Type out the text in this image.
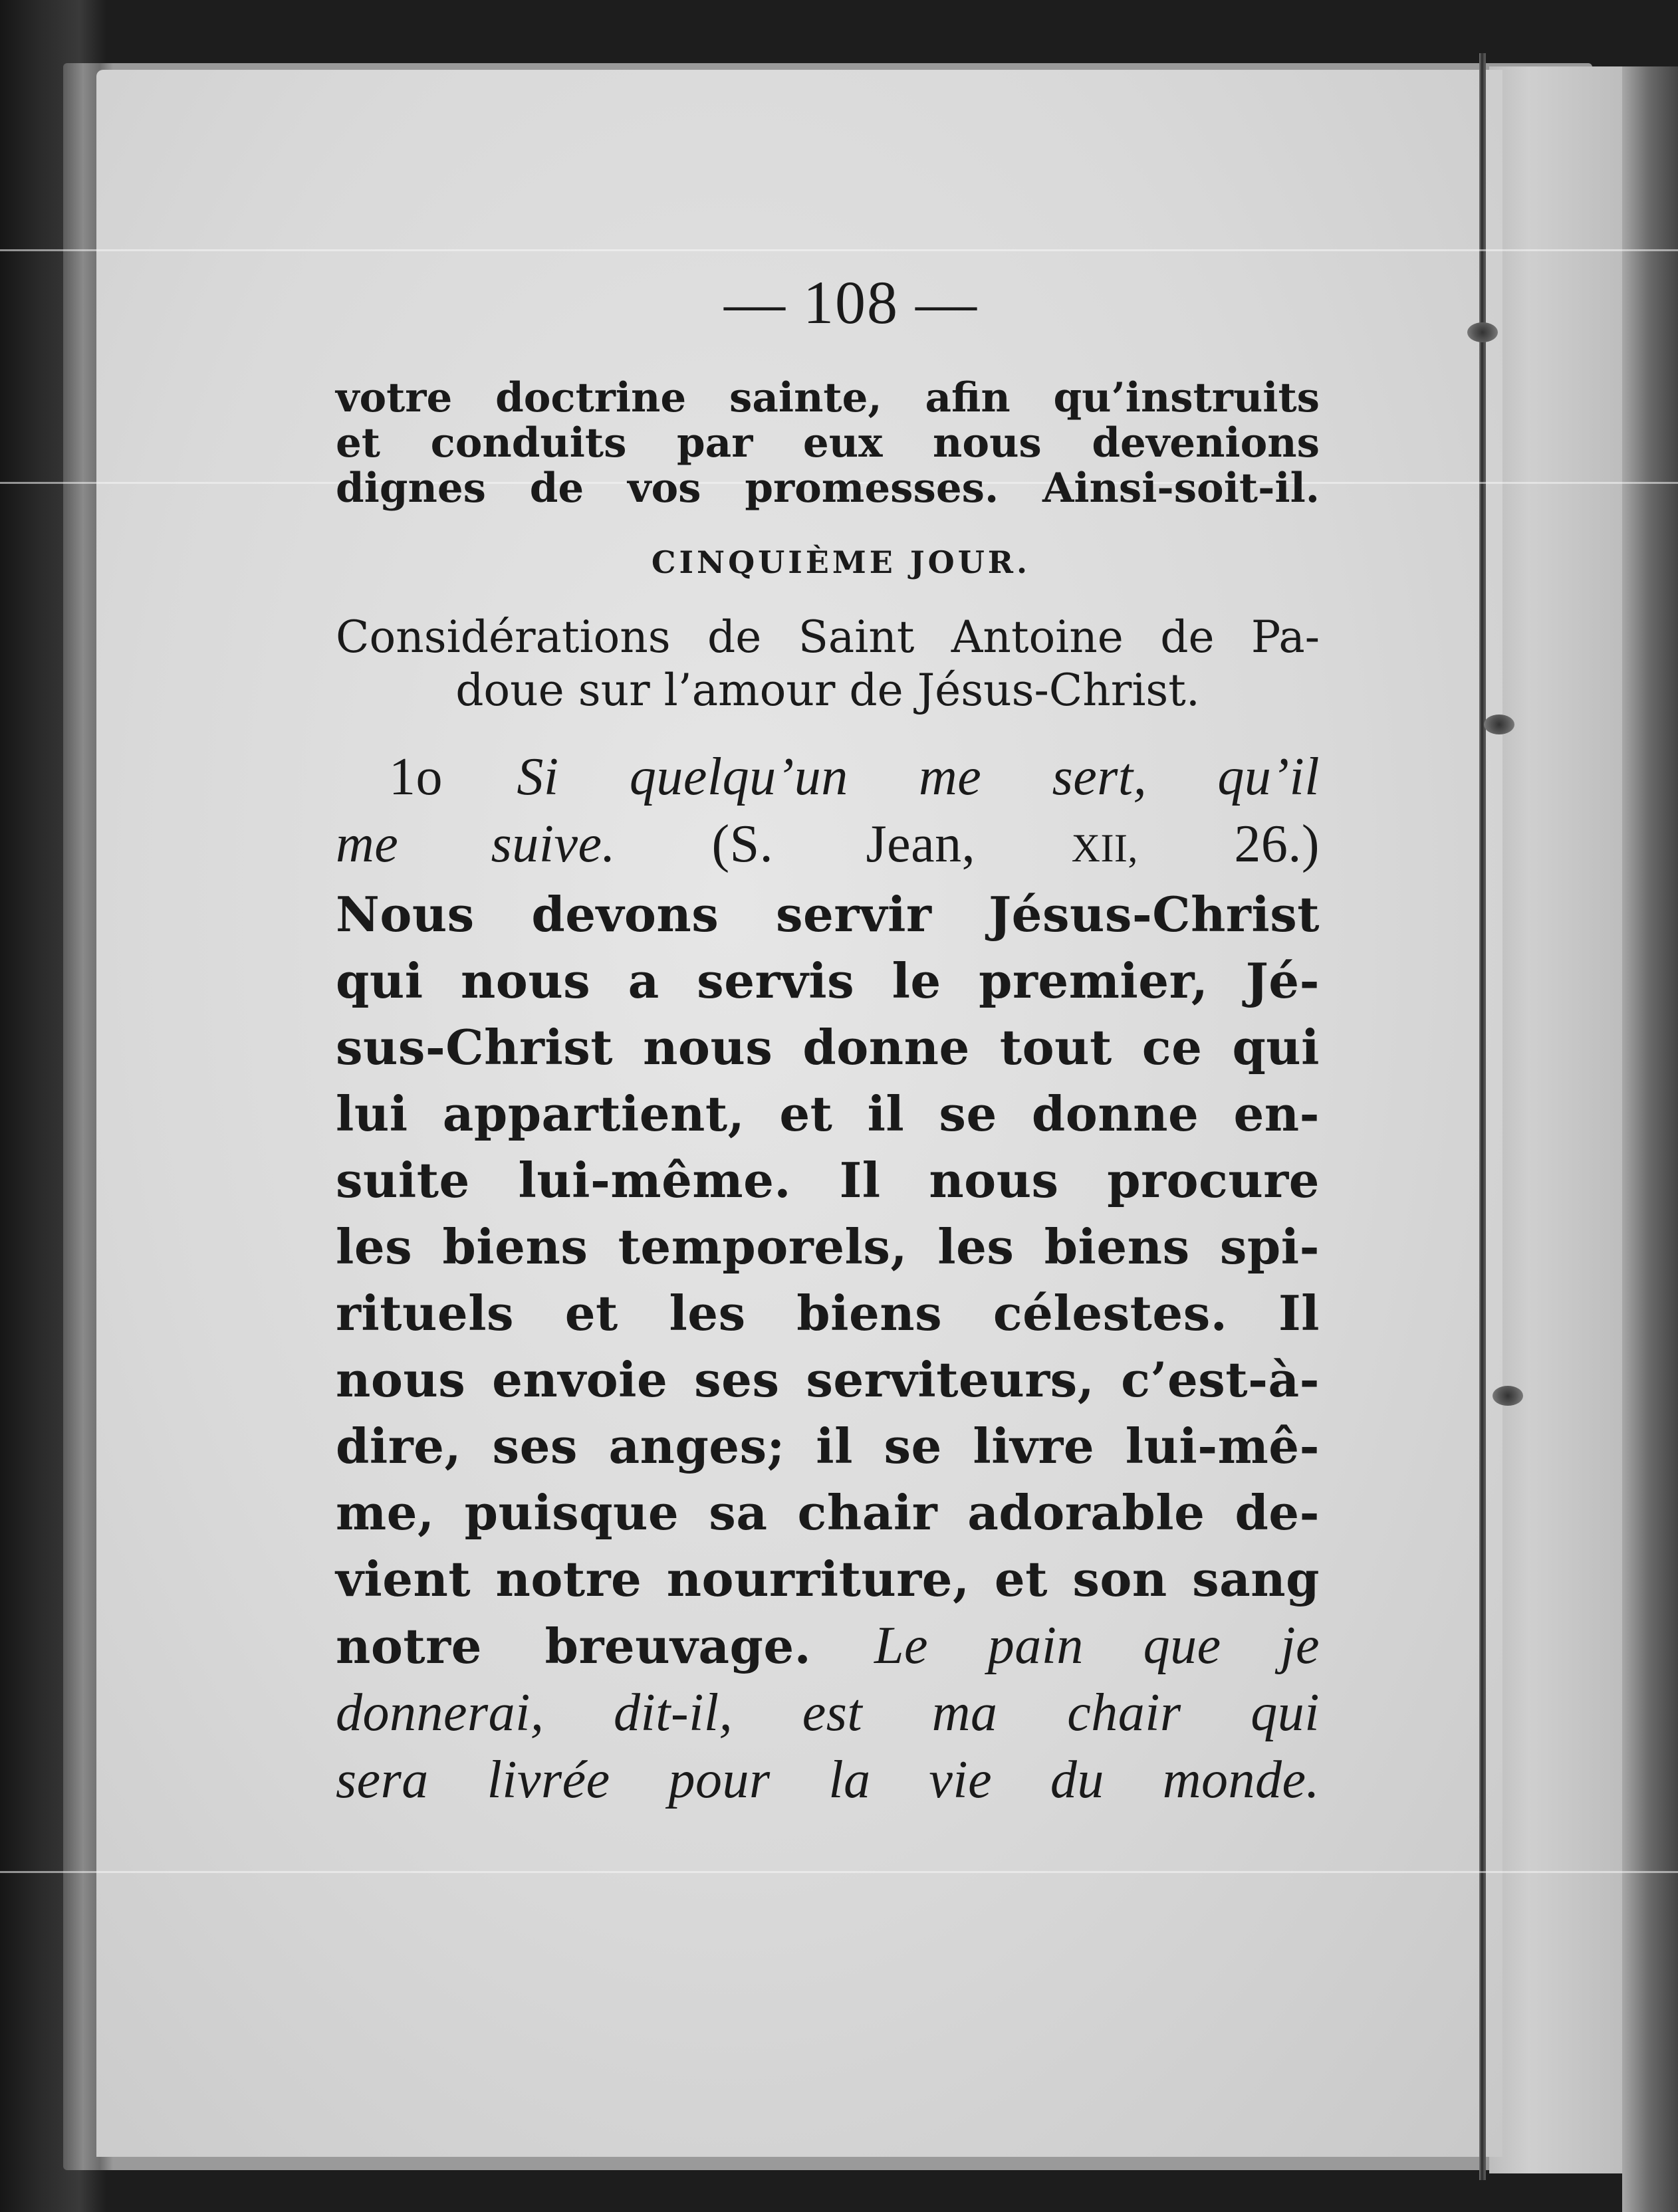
— 108 —
votre doctrine sainte, afin qu’instruits
et conduits par eux nous devenions
dignes de vos promesses. Ainsi-soit-il.
CINQUIÈME JOUR.
Considérations de Saint Antoine de Pa-
doue sur l’amour de Jésus-Christ.
1o Si quelqu’un me sert, qu’il
me suive. (S. Jean, XII, 26.)
Nous devons servir Jésus-Christ
qui nous a servis le premier, Jé-
sus-Christ nous donne tout ce qui
lui appartient, et il se donne en-
suite lui-même. Il nous procure
les biens temporels, les biens spi-
rituels et les biens célestes. Il
nous envoie ses serviteurs, c’est-à-
dire, ses anges; il se livre lui-mê-
me, puisque sa chair adorable de-
vient notre nourriture, et son sang
notre breuvage. Le pain que je
donnerai, dit-il, est ma chair qui
sera livrée pour la vie du monde.
